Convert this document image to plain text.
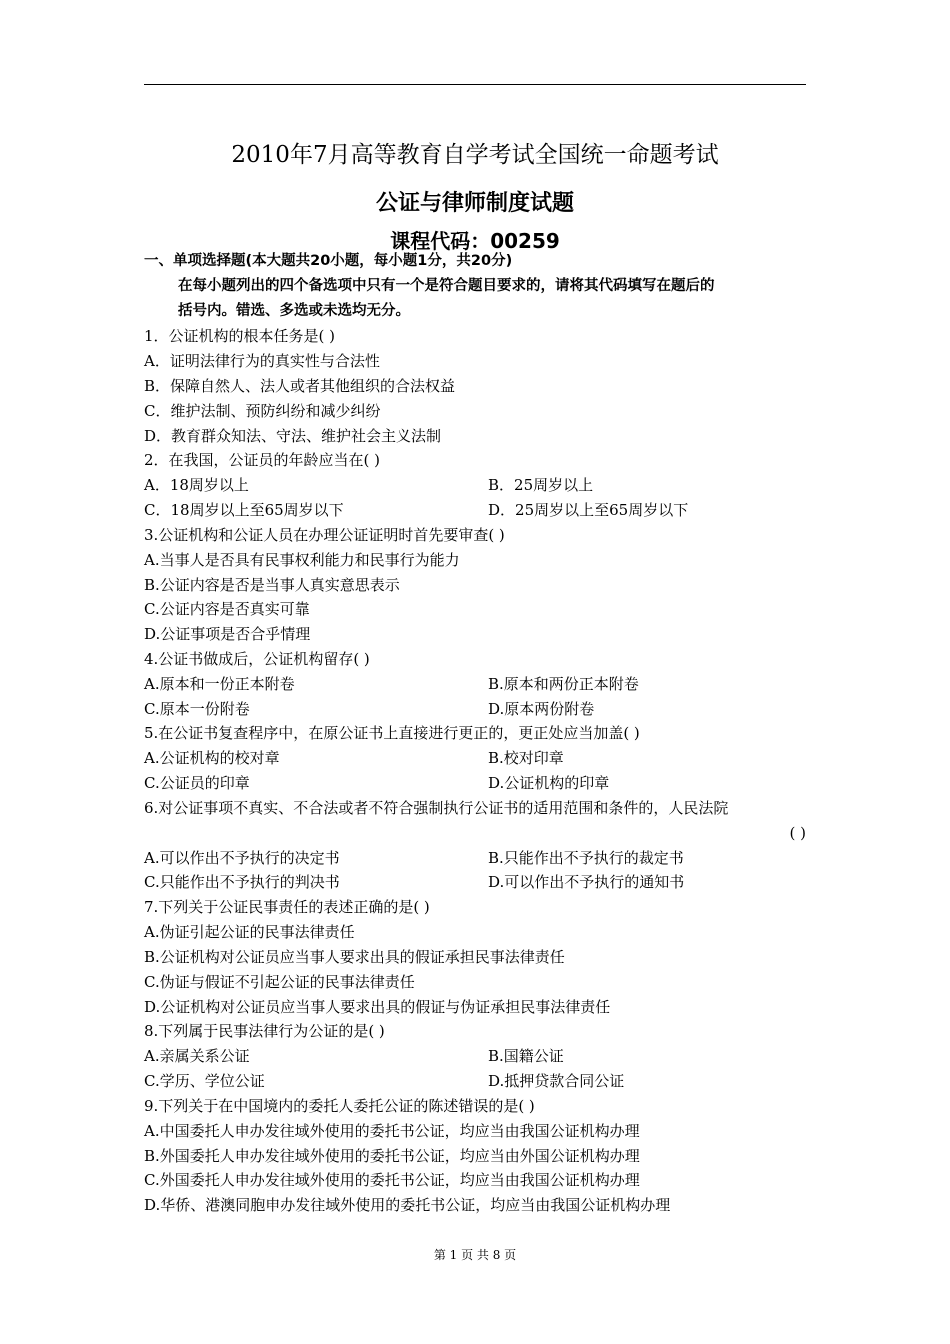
2010年7月高等教育自学考试全国统一命题考试
公证与律师制度试题
课程代码：00259
一、单项选择题(本大题共20小题，每小题1分，共20分)
在每小题列出的四个备选项中只有一个是符合题目要求的，请将其代码填写在题后的
括号内。错选、多选或未选均无分。
1．公证机构的根本任务是( )
A．证明法律行为的真实性与合法性
B．保障自然人、法人或者其他组织的合法权益
C．维护法制、预防纠纷和减少纠纷
D．教育群众知法、守法、维护社会主义法制
2．在我国，公证员的年龄应当在( )
A．18周岁以上	B．25周岁以上
C．18周岁以上至65周岁以下	D．25周岁以上至65周岁以下
3.公证机构和公证人员在办理公证证明时首先要审查( )
A.当事人是否具有民事权利能力和民事行为能力
B.公证内容是否是当事人真实意思表示
C.公证内容是否真实可靠
D.公证事项是否合乎情理
4.公证书做成后，公证机构留存( )
A.原本和一份正本附卷	B.原本和两份正本附卷
C.原本一份附卷	D.原本两份附卷
5.在公证书复查程序中，在原公证书上直接进行更正的，更正处应当加盖( )
A.公证机构的校对章	B.校对印章
C.公证员的印章	D.公证机构的印章
6.对公证事项不真实、不合法或者不符合强制执行公证书的适用范围和条件的，人民法院
( )
A.可以作出不予执行的决定书	B.只能作出不予执行的裁定书
C.只能作出不予执行的判决书	D.可以作出不予执行的通知书
7.下列关于公证民事责任的表述正确的是( )
A.伪证引起公证的民事法律责任
B.公证机构对公证员应当事人要求出具的假证承担民事法律责任
C.伪证与假证不引起公证的民事法律责任
D.公证机构对公证员应当事人要求出具的假证与伪证承担民事法律责任
8.下列属于民事法律行为公证的是( )
A.亲属关系公证	B.国籍公证
C.学历、学位公证	D.抵押贷款合同公证
9.下列关于在中国境内的委托人委托公证的陈述错误的是( )
A.中国委托人申办发往域外使用的委托书公证，均应当由我国公证机构办理
B.外国委托人申办发往域外使用的委托书公证，均应当由外国公证机构办理
C.外国委托人申办发往域外使用的委托书公证，均应当由我国公证机构办理
D.华侨、港澳同胞申办发往域外使用的委托书公证，均应当由我国公证机构办理
第 1 页 共 8 页
